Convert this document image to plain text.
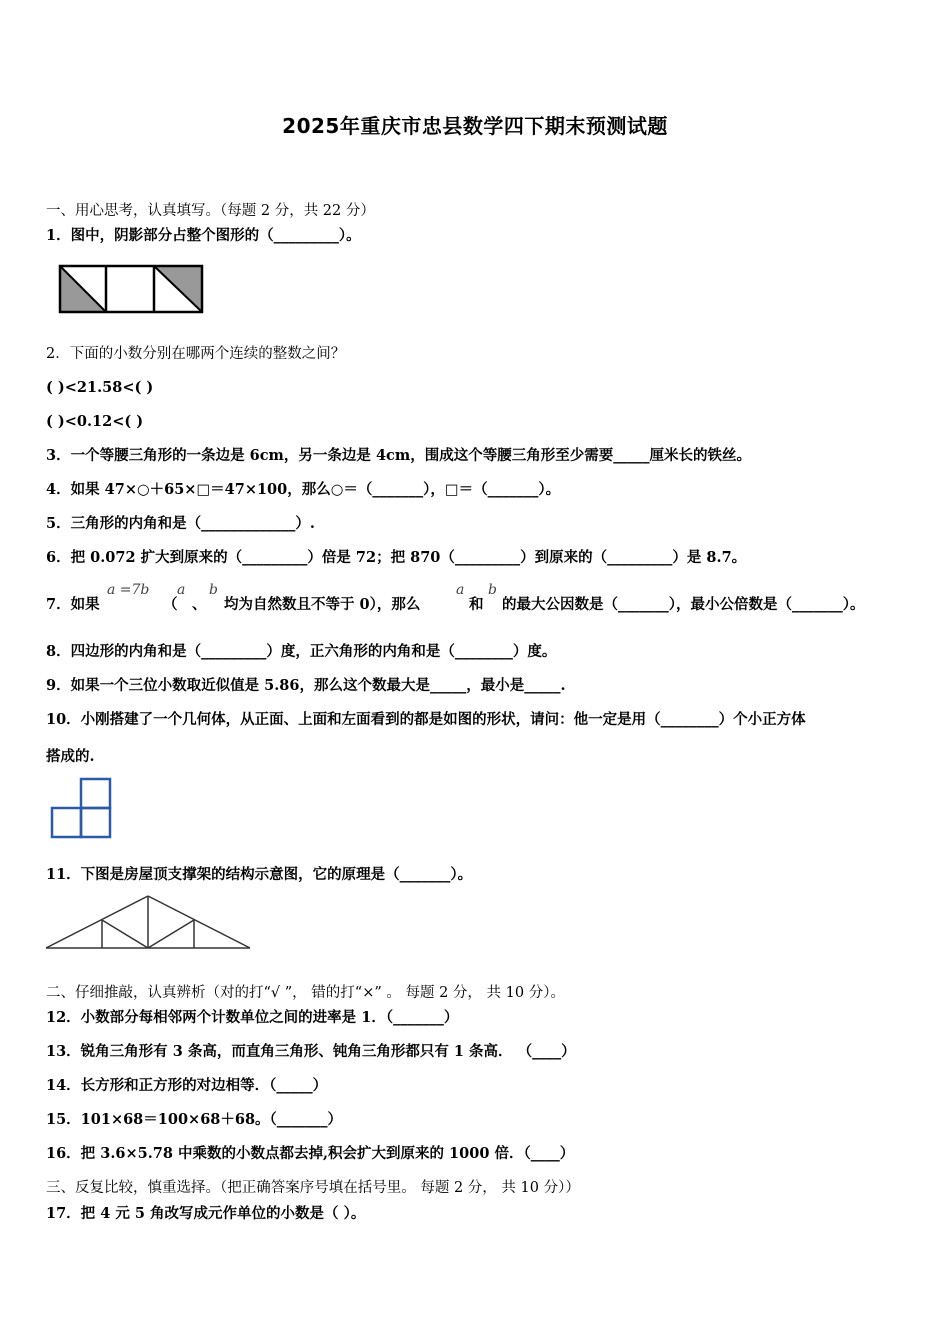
2025年重庆市忠县数学四下期末预测试题
一、用心思考，认真填写。（每题 2 分，共 22 分）
1．图中，阴影部分占整个图形的（_________）。
2．下面的小数分别在哪两个连续的整数之间？
( )<21.58<( )
( )<0.12<( )
3．一个等腰三角形的一条边是 6cm，另一条边是 4cm，围成这个等腰三角形至少需要_____厘米长的铁丝。
4．如果 47×○＋65×□＝47×100，那么○＝（_______），□＝（_______）。
5．三角形的内角和是（_____________）.
6．把 0.072 扩大到原来的（_________）倍是 72；把 870（_________）到原来的（_________）是 8.7。
7．如果
a =7b
（
a
、
b
均为自然数且不等于 0），那么
a
和
b
的最大公因数是（_______），最小公倍数是（_______）。
8．四边形的内角和是（_________）度，正六角形的内角和是（________）度。
9．如果一个三位小数取近似值是 5.86，那么这个数最大是_____，最小是_____.
10．小刚搭建了一个几何体，从正面、上面和左面看到的都是如图的形状，请问：他一定是用（________）个小正方体
搭成的.
11．下图是房屋顶支撑架的结构示意图，它的原理是（_______）。
二、仔细推敲，认真辨析（对的打“√ ”， 错的打“×” 。 每题 2 分， 共 10 分）。
12．小数部分每相邻两个计数单位之间的进率是 1．（_______）
13．锐角三角形有 3 条高，而直角三角形、钝角三角形都只有 1 条高． （____）
14．长方形和正方形的对边相等．（_____）
15．101×68＝100×68＋68。（_______）
16．把 3.6×5.78 中乘数的小数点都去掉,积会扩大到原来的 1000 倍．（____）
三、反复比较，慎重选择。（把正确答案序号填在括号里。 每题 2 分， 共 10 分））
17．把 4 元 5 角改写成元作单位的小数是（ ）。
